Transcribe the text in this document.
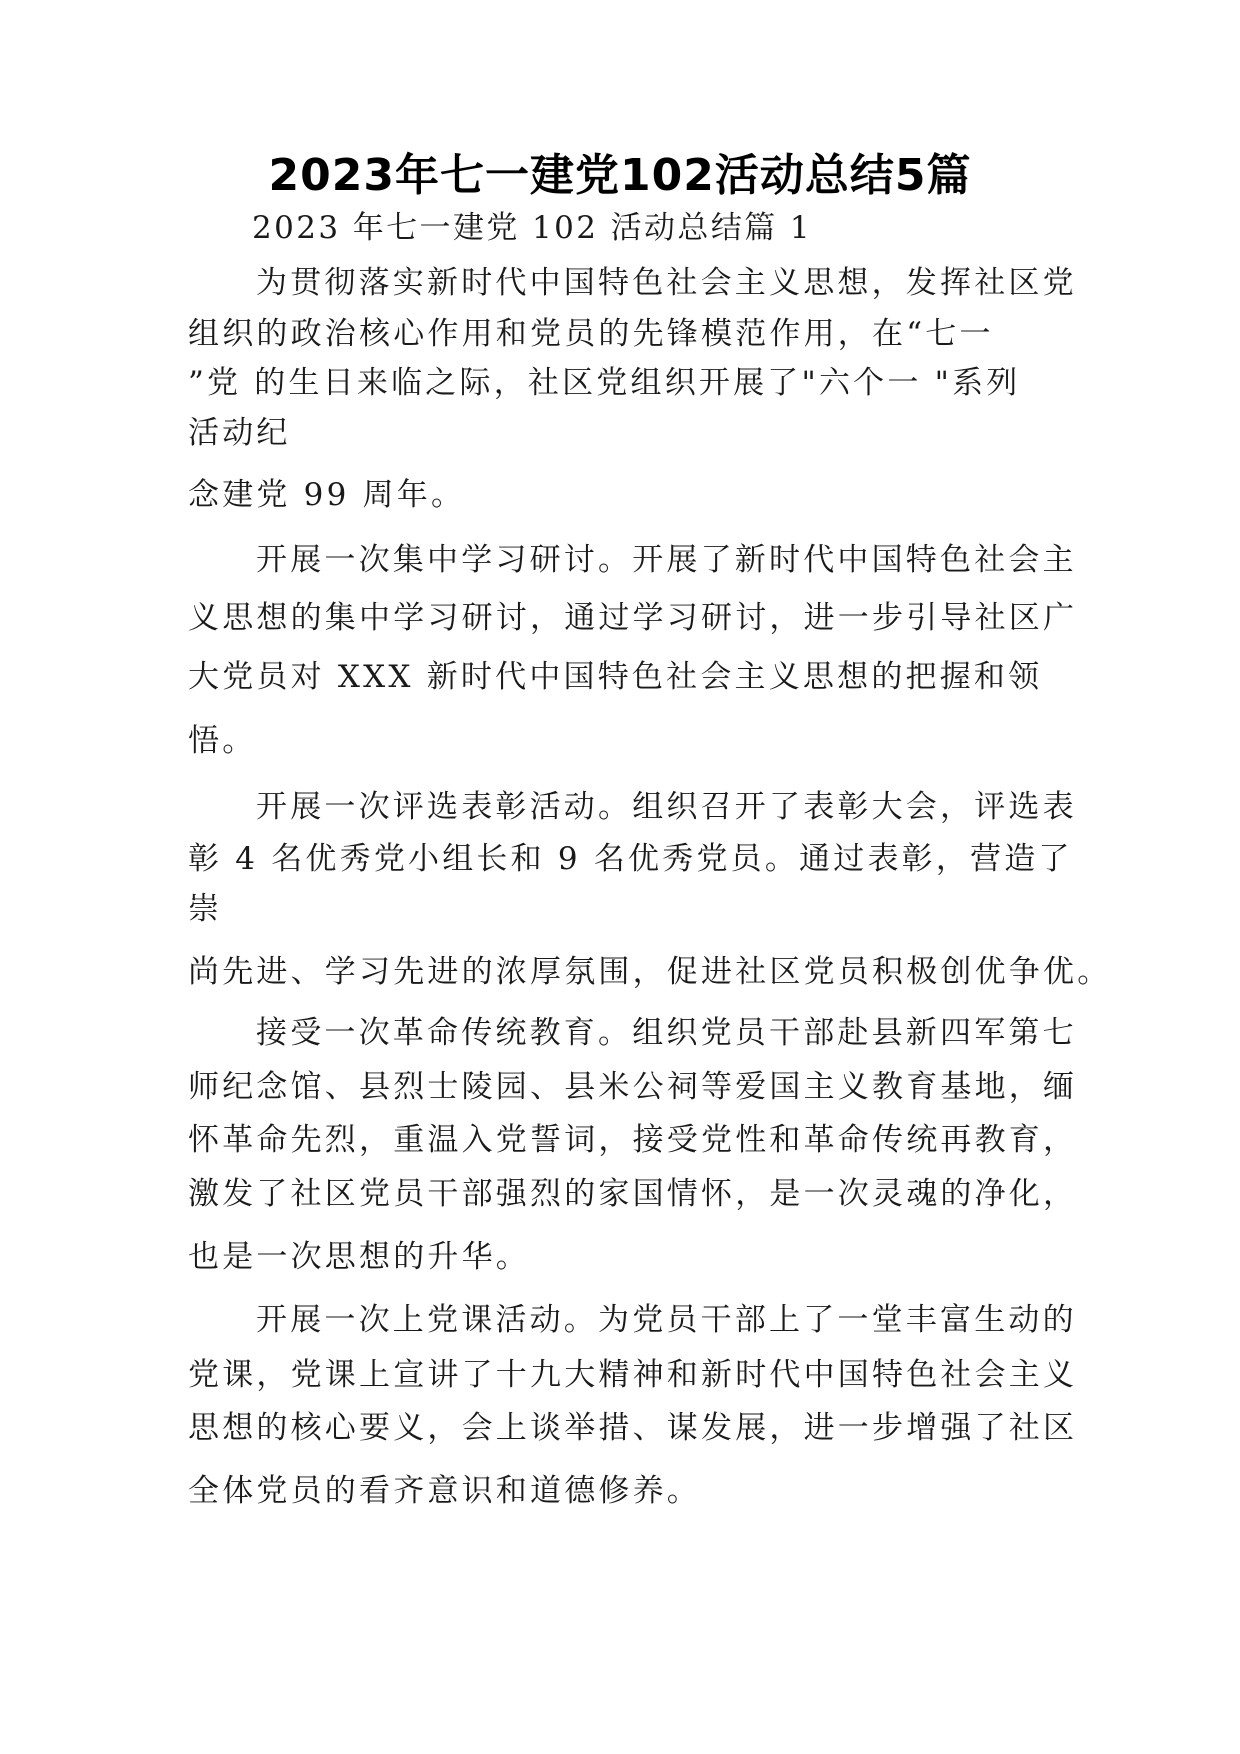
2023年七一建党102活动总结5篇
2023 年七一建党 102 活动总结篇 1
为贯彻落实新时代中国特色社会主义思想，发挥社区党
组织的政治核心作用和党员的先锋模范作用，在“七一
”党 的生日来临之际，社区党组织开展了"六个一 "系列
活动纪
念建党 99 周年。
开展一次集中学习研讨。开展了新时代中国特色社会主
义思想的集中学习研讨，通过学习研讨，进一步引导社区广
大党员对 XXX 新时代中国特色社会主义思想的把握和领
悟。
开展一次评选表彰活动。组织召开了表彰大会，评选表
彰 4 名优秀党小组长和 9 名优秀党员。通过表彰，营造了
崇
尚先进、学习先进的浓厚氛围，促进社区党员积极创优争优。
接受一次革命传统教育。组织党员干部赴县新四军第七
师纪念馆、县烈士陵园、县米公祠等爱国主义教育基地，缅
怀革命先烈，重温入党誓词，接受党性和革命传统再教育，
激发了社区党员干部强烈的家国情怀，是一次灵魂的净化，
也是一次思想的升华。
开展一次上党课活动。为党员干部上了一堂丰富生动的
党课，党课上宣讲了十九大精神和新时代中国特色社会主义
思想的核心要义，会上谈举措、谋发展，进一步增强了社区
全体党员的看齐意识和道德修养。
